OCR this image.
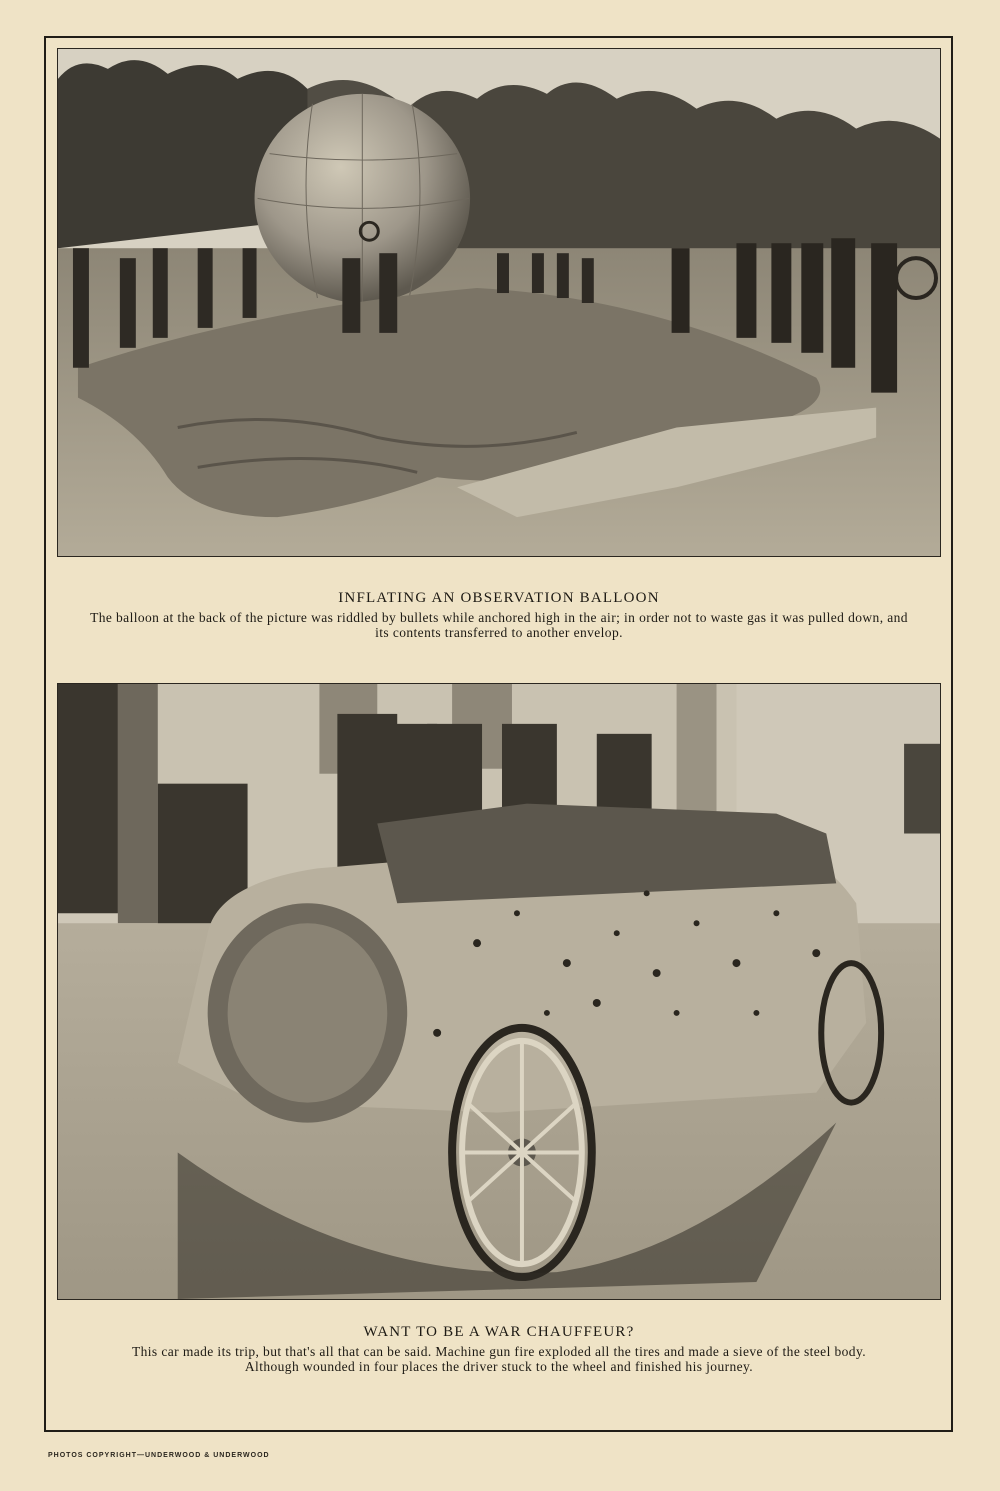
INFLATING AN OBSERVATION BALLOON
The balloon at the back of the picture was riddled by bullets while anchored high in the air; in order not to waste gas it was pulled down, and its contents transferred to another envelop.
WANT TO BE A WAR CHAUFFEUR?
This car made its trip, but that's all that can be said. Machine gun fire exploded all the tires and made a sieve of the steel body. Although wounded in four places the driver stuck to the wheel and finished his journey.
PHOTOS COPYRIGHT—UNDERWOOD & UNDERWOOD
